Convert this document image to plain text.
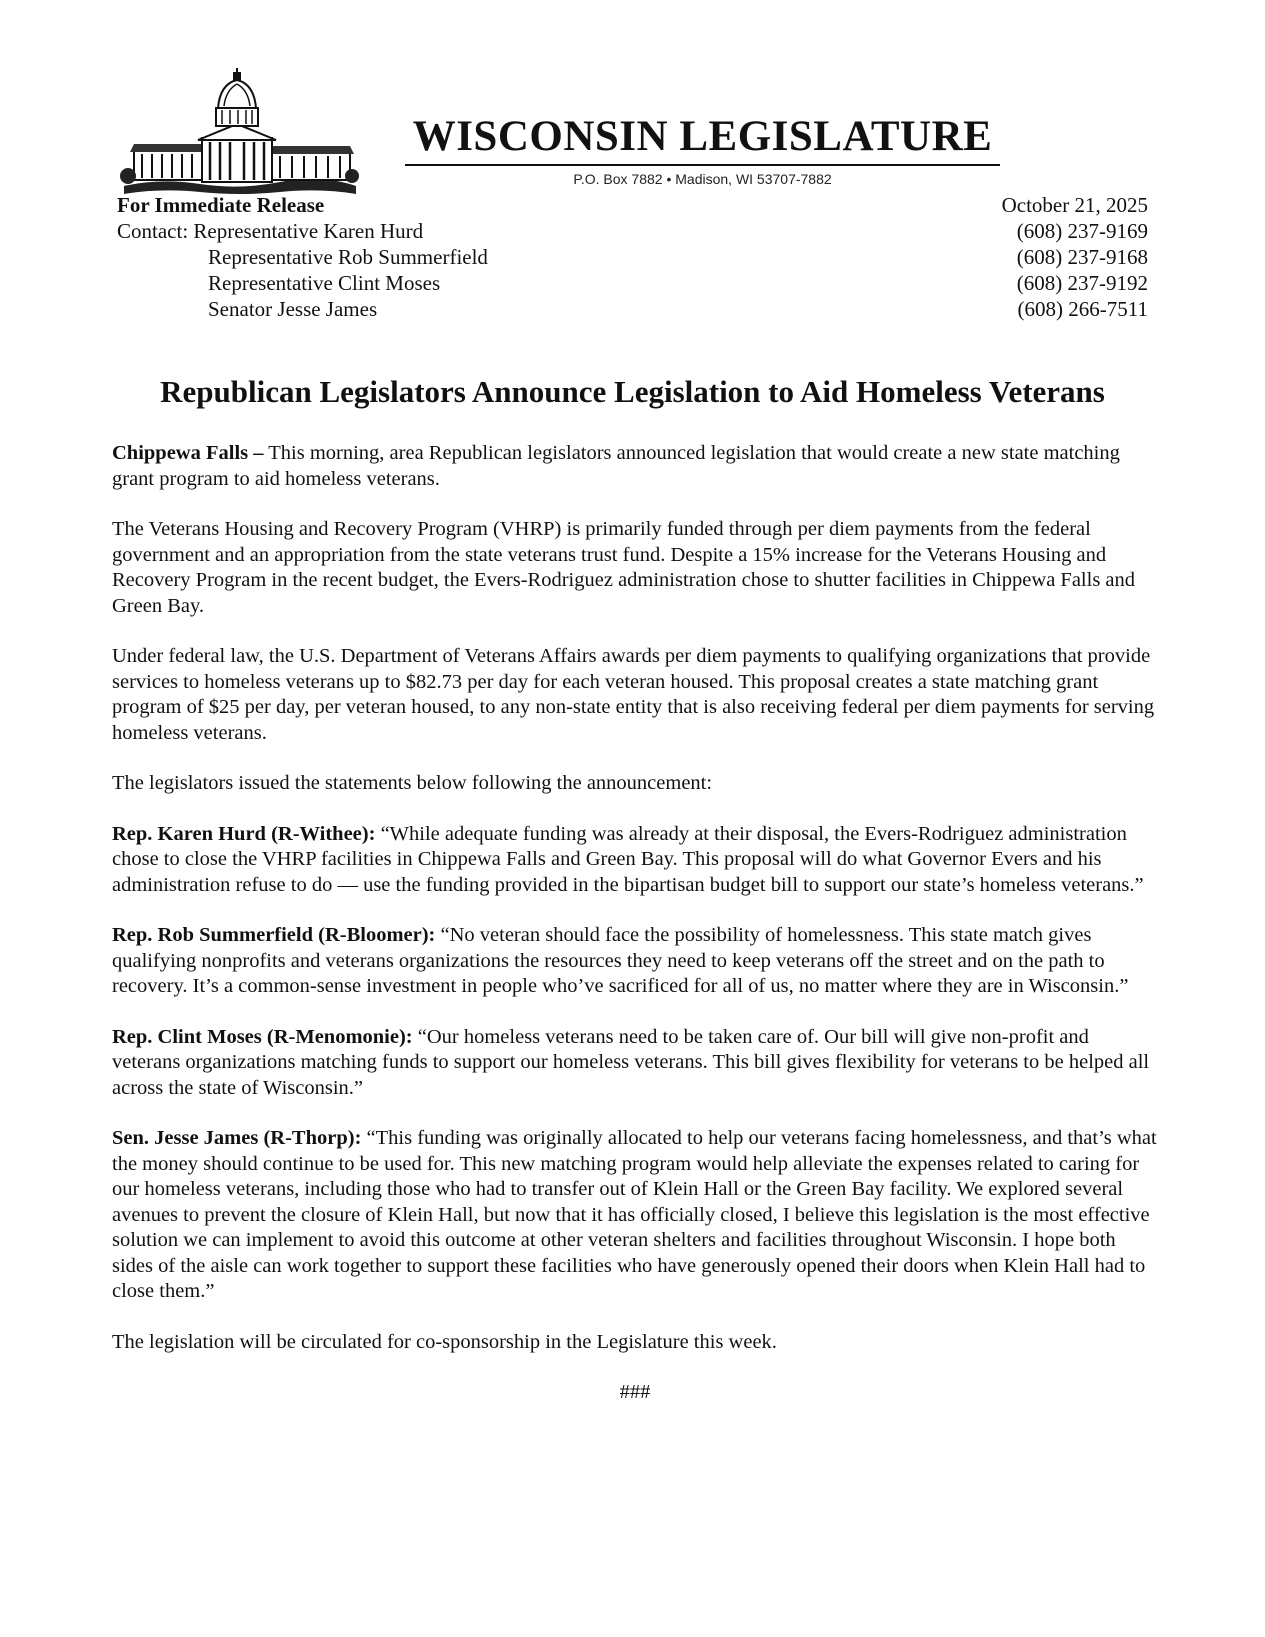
WISCONSIN LEGISLATURE
P.O. Box 7882 • Madison, WI 53707-7882
For Immediate Release	October 21, 2025
Contact: Representative Karen Hurd	(608) 237-9169
Representative Rob Summerfield	(608) 237-9168
Representative Clint Moses	(608) 237-9192
Senator Jesse James	(608) 266-7511
Republican Legislators Announce Legislation to Aid Homeless Veterans

Chippewa Falls – This morning, area Republican legislators announced legislation that would create a new state matching grant program to aid homeless veterans.

The Veterans Housing and Recovery Program (VHRP) is primarily funded through per diem payments from the federal government and an appropriation from the state veterans trust fund. Despite a 15% increase for the Veterans Housing and Recovery Program in the recent budget, the Evers-Rodriguez administration chose to shutter facilities in Chippewa Falls and Green Bay.

Under federal law, the U.S. Department of Veterans Affairs awards per diem payments to qualifying organizations that provide services to homeless veterans up to $82.73 per day for each veteran housed. This proposal creates a state matching grant program of $25 per day, per veteran housed, to any non-state entity that is also receiving federal per diem payments for serving homeless veterans.

The legislators issued the statements below following the announcement:

Rep. Karen Hurd (R-Withee): “While adequate funding was already at their disposal, the Evers-Rodriguez administration chose to close the VHRP facilities in Chippewa Falls and Green Bay. This proposal will do what Governor Evers and his administration refuse to do — use the funding provided in the bipartisan budget bill to support our state’s homeless veterans.”

Rep. Rob Summerfield (R-Bloomer): “No veteran should face the possibility of homelessness. This state match gives qualifying nonprofits and veterans organizations the resources they need to keep veterans off the street and on the path to recovery. It’s a common-sense investment in people who’ve sacrificed for all of us, no matter where they are in Wisconsin.”

Rep. Clint Moses (R-Menomonie): “Our homeless veterans need to be taken care of. Our bill will give non-profit and veterans organizations matching funds to support our homeless veterans. This bill gives flexibility for veterans to be helped all across the state of Wisconsin.”

Sen. Jesse James (R-Thorp): “This funding was originally allocated to help our veterans facing homelessness, and that’s what the money should continue to be used for. This new matching program would help alleviate the expenses related to caring for our homeless veterans, including those who had to transfer out of Klein Hall or the Green Bay facility. We explored several avenues to prevent the closure of Klein Hall, but now that it has officially closed, I believe this legislation is the most effective solution we can implement to avoid this outcome at other veteran shelters and facilities throughout Wisconsin. I hope both sides of the aisle can work together to support these facilities who have generously opened their doors when Klein Hall had to close them.”

The legislation will be circulated for co-sponsorship in the Legislature this week.

###
